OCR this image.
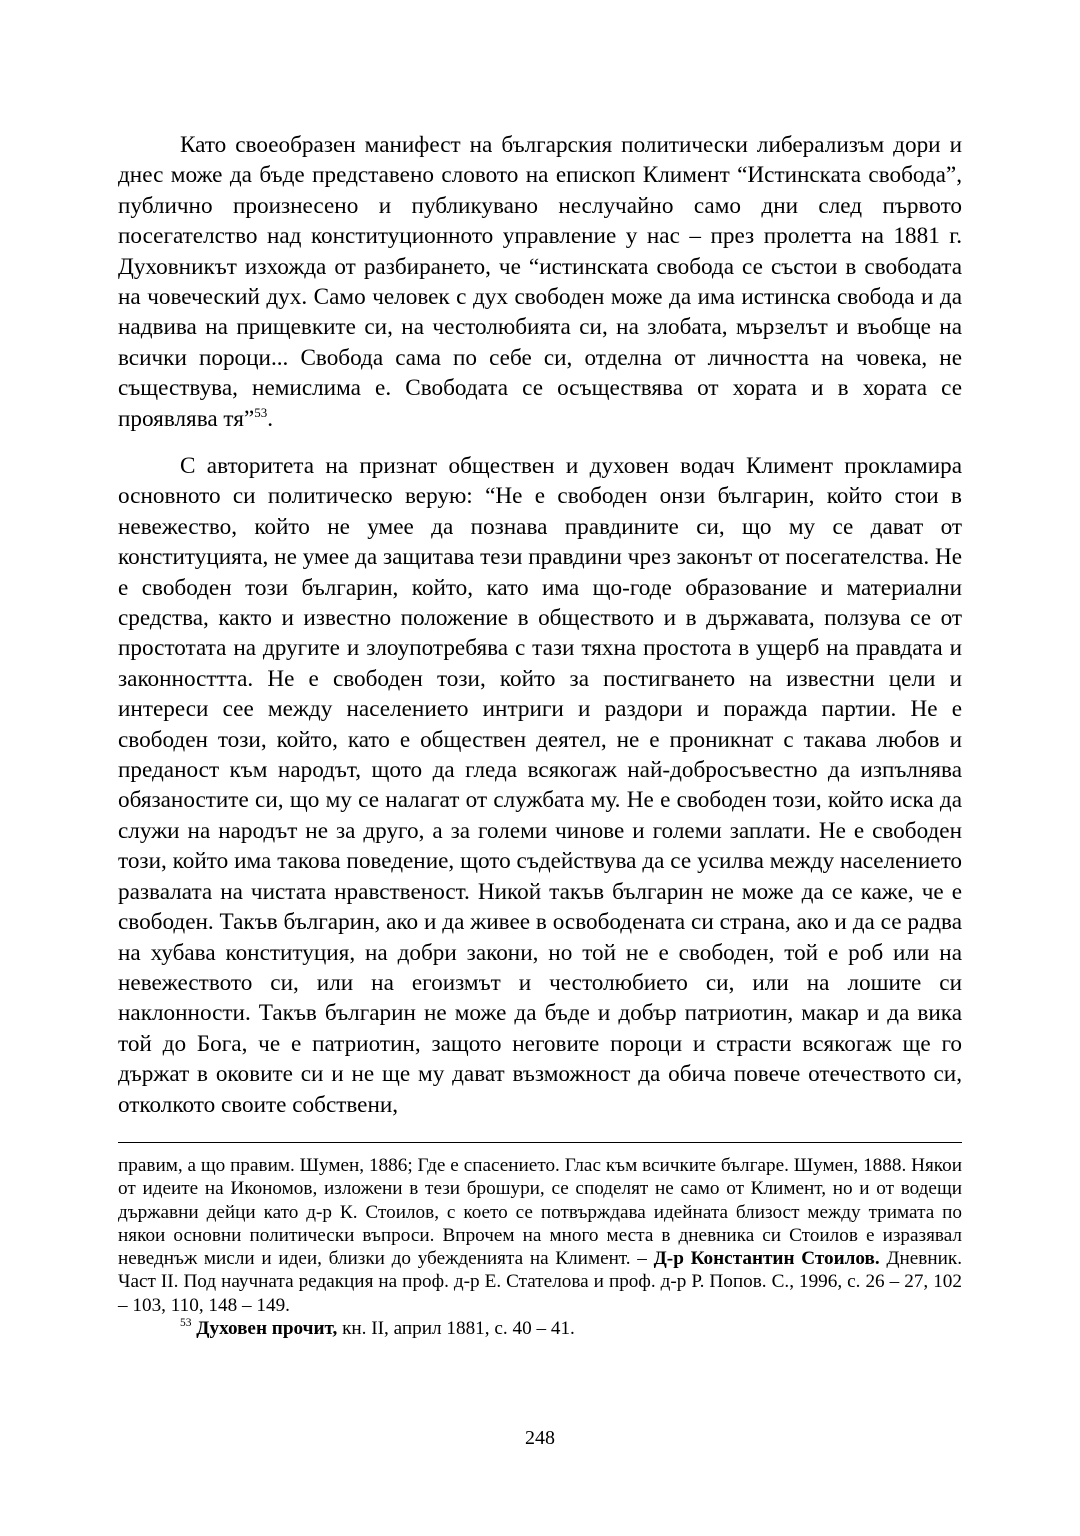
Като своеобразен манифест на българския политически либерализъм дори и днес може да бъде представено словото на епископ Климент “Истинската свобода”, публично произнесено и публикувано неслучайно само дни след първото посегателство над конституционното управление у нас – през пролетта на 1881 г. Духовникът изхожда от разбирането, че “истинската свобода се състои в свободата на човеческий дух. Само человек с дух свободен може да има истинска свобода и да надвива на прищевките си, на честолюбията си, на злобата, мързелът и въобще на всички пороци... Свобода сама по себе си, отделна от личността на човека, не съществува, немислима е. Свободата се осъществява от хората и в хората се проявлява тя”$^{53}$.

С авторитета на признат обществен и духовен водач Климент прокламира основното си политическо верую: “Не е свободен онзи българин, който стои в невежество, който не умее да познава правдините си, що му се дават от конституцията, не умее да защитава тези правдини чрез законът от посегателства. Не е свободен този българин, който, като има що-годе образование и материални средства, както и известно положение в обществото и в държавата, ползува се от простотата на другите и злоупотребява с тази тяхна простота в ущерб на правдата и законносттта. Не е свободен този, който за постигването на известни цели и интереси сее между населението интриги и раздори и поражда партии. Не е свободен този, който, като е обществен деятел, не е проникнат с такава любов и преданост към народът, щото да гледа всякогаж най-добросъвестно да изпълнява обязаностите си, що му се налагат от службата му. Не е свободен този, който иска да служи на народът не за друго, а за големи чинове и големи заплати. Не е свободен този, който има такова поведение, щото съдействува да се усилва между населението развалата на чистата нравственост. Никой такъв българин не може да се каже, че е свободен. Такъв българин, ако и да живее в освободената си страна, ако и да се радва на хубава конституция, на добри закони, но той не е свободен, той е роб или на невежеството си, или на егоизмът и честолюбието си, или на лошите си наклонности. Такъв българин не може да бъде и добър патриотин, макар и да вика той до Бога, че е патриотин, защото неговите пороци и страсти всякогаж ще го държат в оковите си и не ще му дават възможност да обича повече отечеството си, отколкото своите собствени,

правим, а що правим. Шумен, 1886; Где е спасението. Глас към всичките българе. Шумен, 1888. Някои от идеите на Икономов, изложени в тези брошури, се споделят не само от Климент, но и от водещи държавни дейци като д-р К. Стоилов, с което се потвърждава идейната близост между тримата по някои основни политически въпроси. Впрочем на много места в дневника си Стоилов е изразявал неведнъж мисли и идеи, близки до убежденията на Климент. – Д-р Константин Стоилов. Дневник. Част II. Под научната редакция на проф. д-р Е. Стателова и проф. д-р Р. Попов. С., 1996, с. 26 – 27, 102 – 103, 110, 148 – 149.

$^{53}$ Духовен прочит, кн. II, април 1881, с. 40 – 41.

248
